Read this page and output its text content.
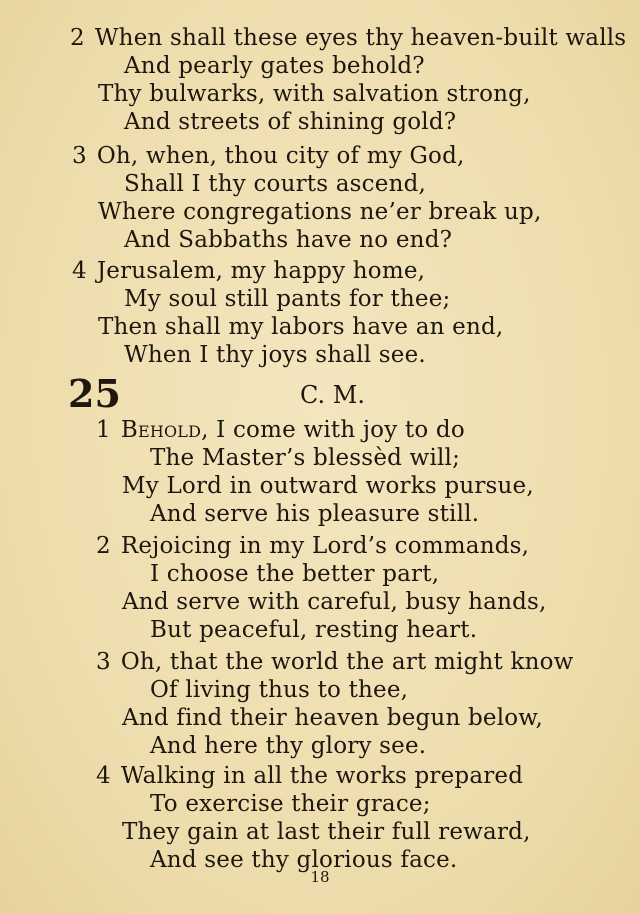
2 When shall these eyes thy heaven-built walls
And pearly gates behold?
Thy bulwarks, with salvation strong,
And streets of shining gold?
3 Oh, when, thou city of my God,
Shall I thy courts ascend,
Where congregations ne’er break up,
And Sabbaths have no end?
4 Jerusalem, my happy home,
My soul still pants for thee;
Then shall my labors have an end,
When I thy joys shall see.
25	C. M.
1 Behold, I come with joy to do
The Master’s blessèd will;
My Lord in outward works pursue,
And serve his pleasure still.
2 Rejoicing in my Lord’s commands,
I choose the better part,
And serve with careful, busy hands,
But peaceful, resting heart.
3 Oh, that the world the art might know
Of living thus to thee,
And find their heaven begun below,
And here thy glory see.
4 Walking in all the works prepared
To exercise their grace;
They gain at last their full reward,
And see thy glorious face.
18
